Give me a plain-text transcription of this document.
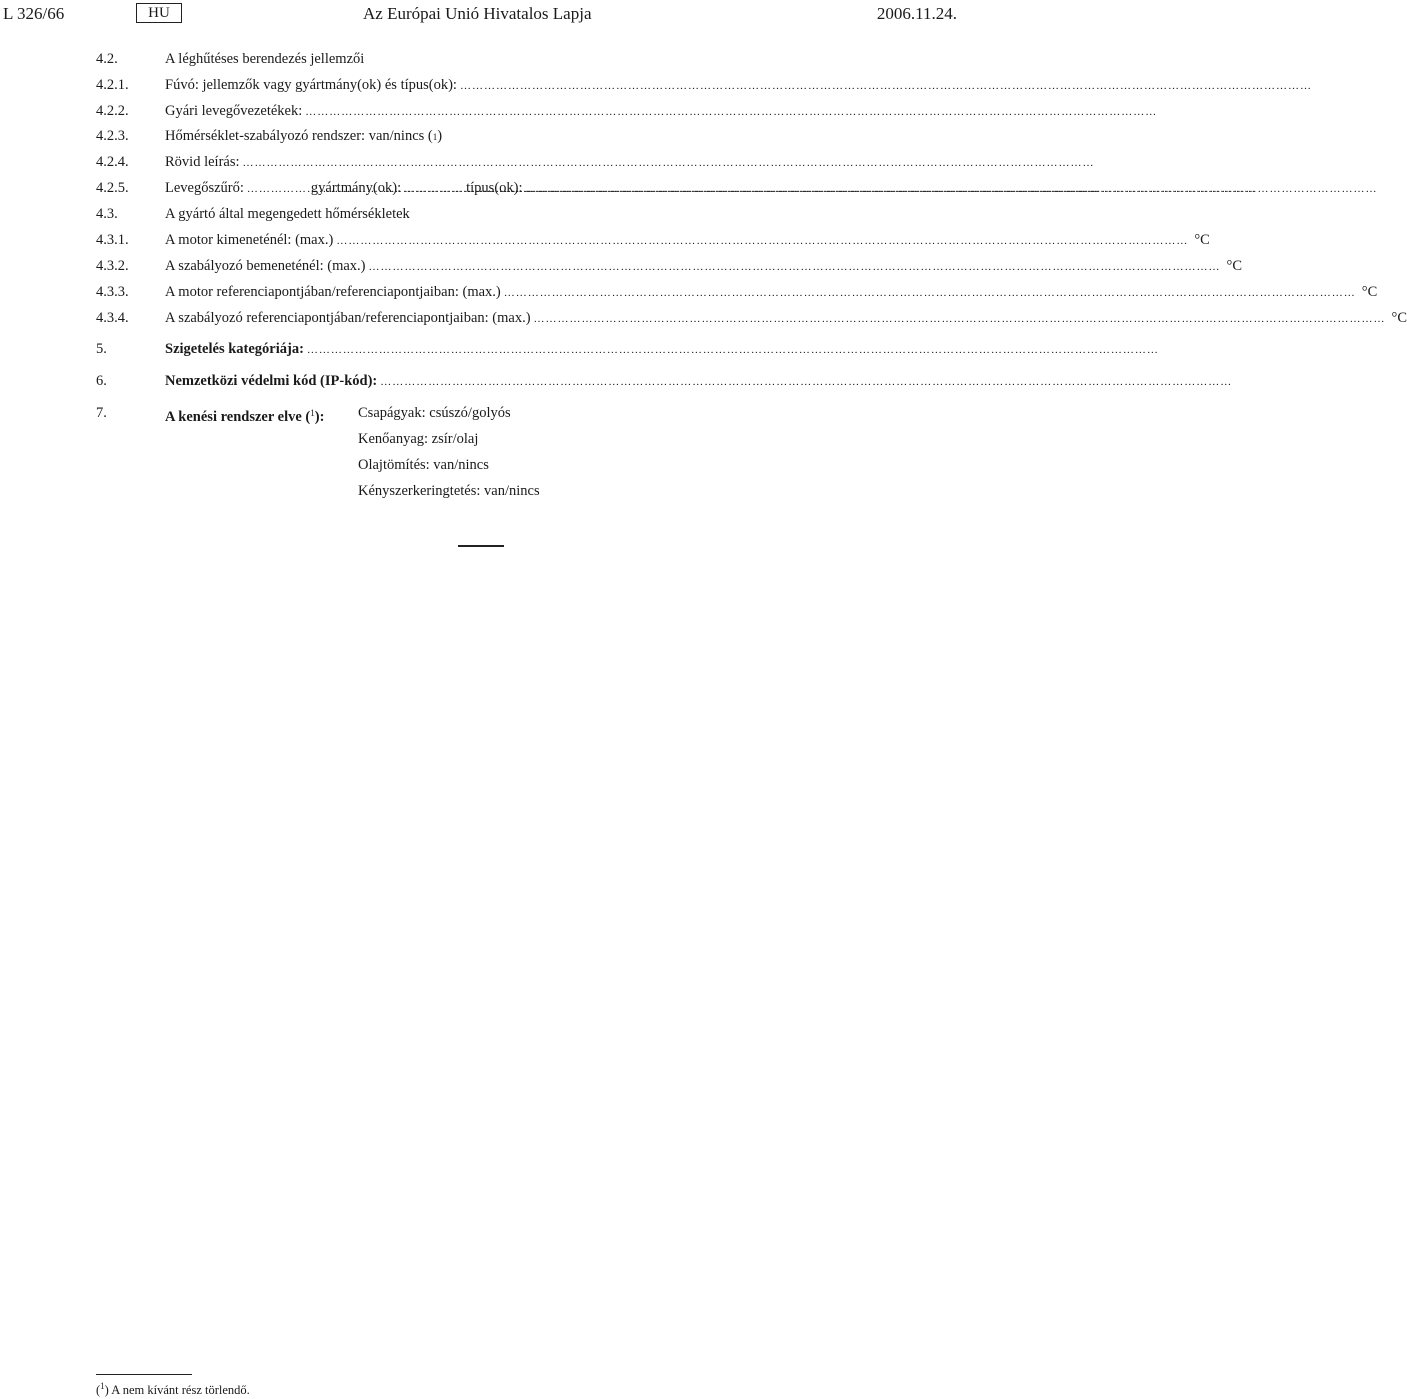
L 326/66	HU	Az Európai Unió Hivatalos Lapja	2006.11.24.
4.2.	A léghűtéses berendezés jellemzői
4.2.1.	Fúvó: jellemzők vagy gyártmány(ok) és típus(ok):
……………………………………………………………………………………………………………………………………………………………………………………………
4.2.2.	Gyári levegővezetékek:
……………………………………………………………………………………………………………………………………………………………………………………………
4.2.3.	Hőmérséklet-szabályozó rendszer: van/nincs ( 1 )
4.2.4.	Rövid leírás:
……………………………………………………………………………………………………………………………………………………………………………………………
4.2.5.	Levegőszűrő: ……………………………………………………………………………………………………………………………………………………………………………………………	gyártmány(ok): ……………………………………………………………………………………………………………………………………………………………………………………………	típus(ok):
……………………………………………………………………………………………………………………………………………………………………………………………
4.3.	A gyártó által megengedett hőmérsékletek
4.3.1.	A motor kimeneténél: (max.) ……………………………………………………………………………………………………………………………………………………………………………………………	°C
4.3.2.	A szabályozó bemeneténél: (max.) ……………………………………………………………………………………………………………………………………………………………………………………………	°C
4.3.3.	A motor referenciapontjában/referenciapontjaiban: (max.) ……………………………………………………………………………………………………………………………………………………………………………………………	°C
4.3.4.	A szabályozó referenciapontjában/referenciapontjaiban: (max.) ……………………………………………………………………………………………………………………………………………………………………………………………	°C
5.	Szigetelés kategóriája:
……………………………………………………………………………………………………………………………………………………………………………………………
6.	Nemzetközi védelmi kód (IP-kód):
……………………………………………………………………………………………………………………………………………………………………………………………
7.	A kenési rendszer elve ($^1$): Csapágyak: csúszó/golyós
Kenőanyag: zsír/olaj
Olajtömítés: van/nincs
Kényszerkeringtetés: van/nincs
($^1$) A nem kívánt rész törlendő.
